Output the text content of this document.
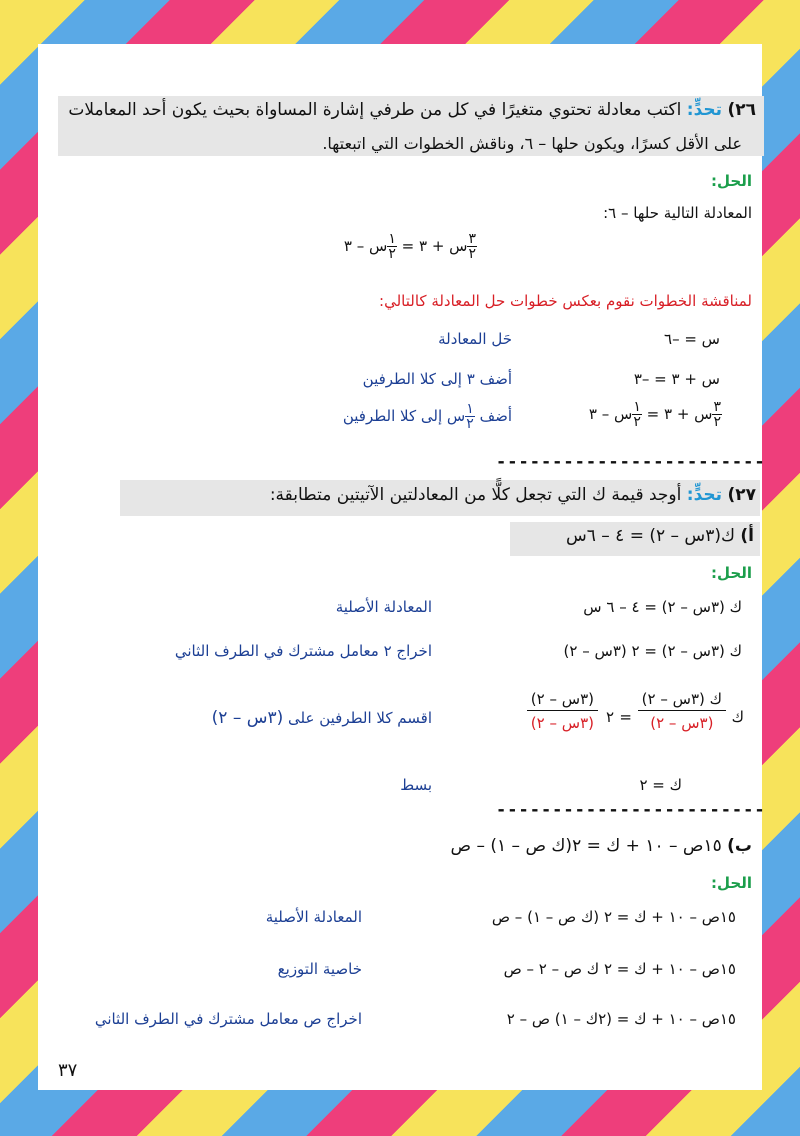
٢٦) تحدٍّ: اكتب معادلة تحتوي متغيرًا في كل من طرفي إشارة المساواة بحيث يكون أحد المعاملات
على الأقل كسرًا، ويكون حلها – ٦، وناقش الخطوات التي اتبعتها.
الحل:
المعادلة التالية حلها – ٦:
$\frac{٣}{٢}$
س + ٣ =
$\frac{١}{٢}$
س – ٣
لمناقشة الخطوات نقوم بعكس خطوات حل المعادلة كالتالي:
س = –٦
حَل المعادلة
س + ٣ = –٣
أضف ٣ إلى كلا الطرفين
$\frac{٣}{٢}$
س + ٣ =
$\frac{١}{٢}$
س – ٣
أضف
$\frac{١}{٢}$
س إلى كلا الطرفين
------------------------
٢٧) تحدٍّ: أوجد قيمة ك التي تجعل كلًّا من المعادلتين الآتيتين متطابقة:
أ) ك(٣س – ٢) = ٤ – ٦س
الحل:
ك (٣س – ٢) = ٤ – ٦ س
المعادلة الأصلية
ك (٣س – ٢) = ٢ (٣س – ٢)
اخراج ٢ معامل مشترك في الطرف الثاني
ك
ك (٣س – ٢)
(٣س – ٢)
=
٢
(٣س – ٢)
(٣س – ٢)
اقسم كلا الطرفين على (٣س – ٢)
ك = ٢
بسط
------------------------
ب) ١٥ص – ١٠ + ك = ٢(ك ص – ١) – ص
الحل:
١٥ص – ١٠ + ك = ٢ (ك ص – ١) – ص
المعادلة الأصلية
١٥ص – ١٠ + ك = ٢ ك ص – ٢ – ص
خاصية التوزيع
١٥ص – ١٠ + ك = (٢ك – ١) ص – ٢
اخراج ص معامل مشترك في الطرف الثاني
٣٧
